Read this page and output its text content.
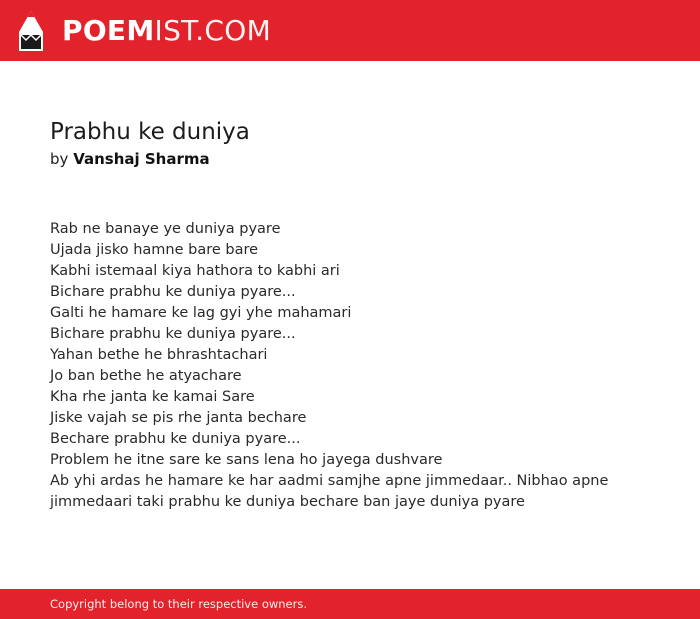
POEMIST.COM
Prabhu ke duniya
by Vanshaj Sharma
Rab ne banaye ye duniya pyare
Ujada jisko hamne bare bare
Kabhi istemaal kiya hathora to kabhi ari
Bichare prabhu ke duniya pyare...
Galti he hamare ke lag gyi yhe mahamari
Bichare prabhu ke duniya pyare...
Yahan bethe he bhrashtachari
Jo ban bethe he atyachare
Kha rhe janta ke kamai Sare
Jiske vajah se pis rhe janta bechare
Bechare prabhu ke duniya pyare...
Problem he itne sare ke sans lena ho jayega dushvare
Ab yhi ardas he hamare ke har aadmi samjhe apne jimmedaar.. Nibhao apne
jimmedaari taki prabhu ke duniya bechare ban jaye duniya pyare
Copyright belong to their respective owners.
